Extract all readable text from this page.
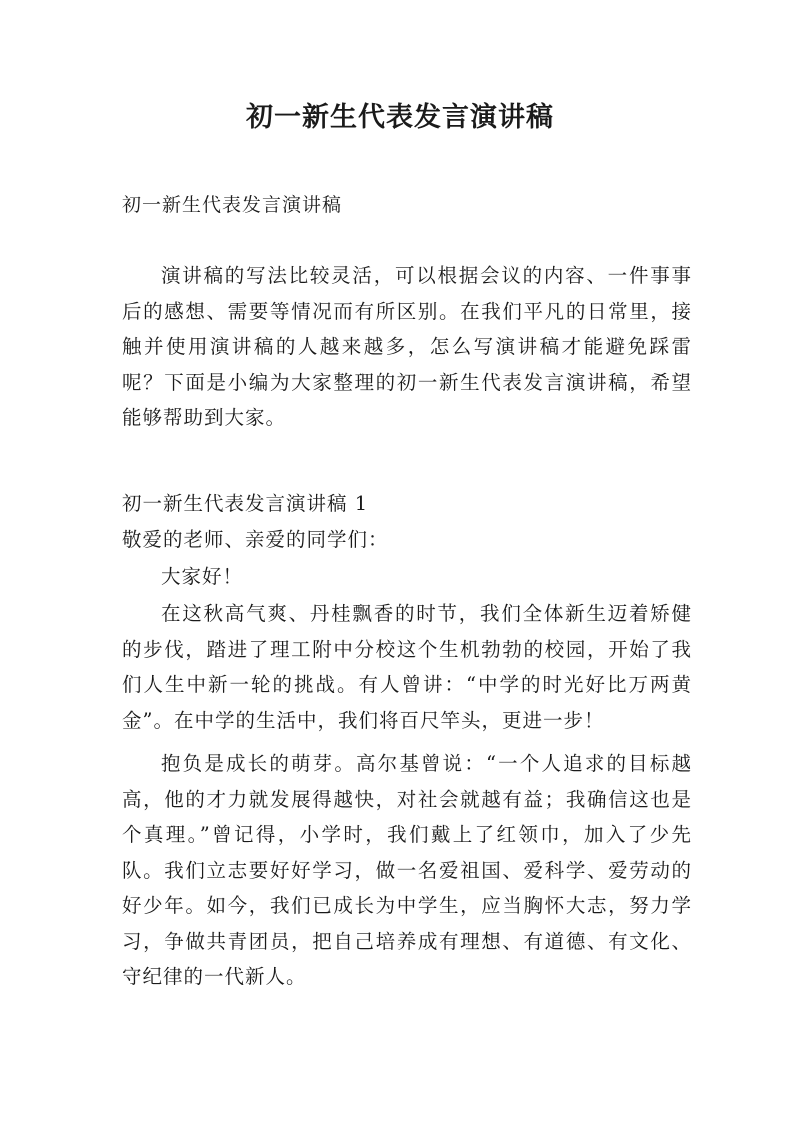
初一新生代表发言演讲稿
初一新生代表发言演讲稿

演讲稿的写法比较灵活，可以根据会议的内容、一件事事后的感想、需要等情况而有所区别。在我们平凡的日常里，接触并使用演讲稿的人越来越多，怎么写演讲稿才能避免踩雷呢？下面是小编为大家整理的初一新生代表发言演讲稿，希望能够帮助到大家。

初一新生代表发言演讲稿 1
敬爱的老师、亲爱的同学们：
大家好！

在这秋高气爽、丹桂飘香的时节，我们全体新生迈着矫健的步伐，踏进了理工附中分校这个生机勃勃的校园，开始了我们人生中新一轮的挑战。有人曾讲：“中学的时光好比万两黄金”。在中学的生活中，我们将百尺竿头，更进一步！

抱负是成长的萌芽。高尔基曾说：“一个人追求的目标越高，他的才力就发展得越快，对社会就越有益；我确信这也是个真理。”曾记得，小学时，我们戴上了红领巾，加入了少先队。我们立志要好好学习，做一名爱祖国、爱科学、爱劳动的好少年。如今，我们已成长为中学生，应当胸怀大志，努力学习，争做共青团员，把自己培养成有理想、有道德、有文化、守纪律的一代新人。
